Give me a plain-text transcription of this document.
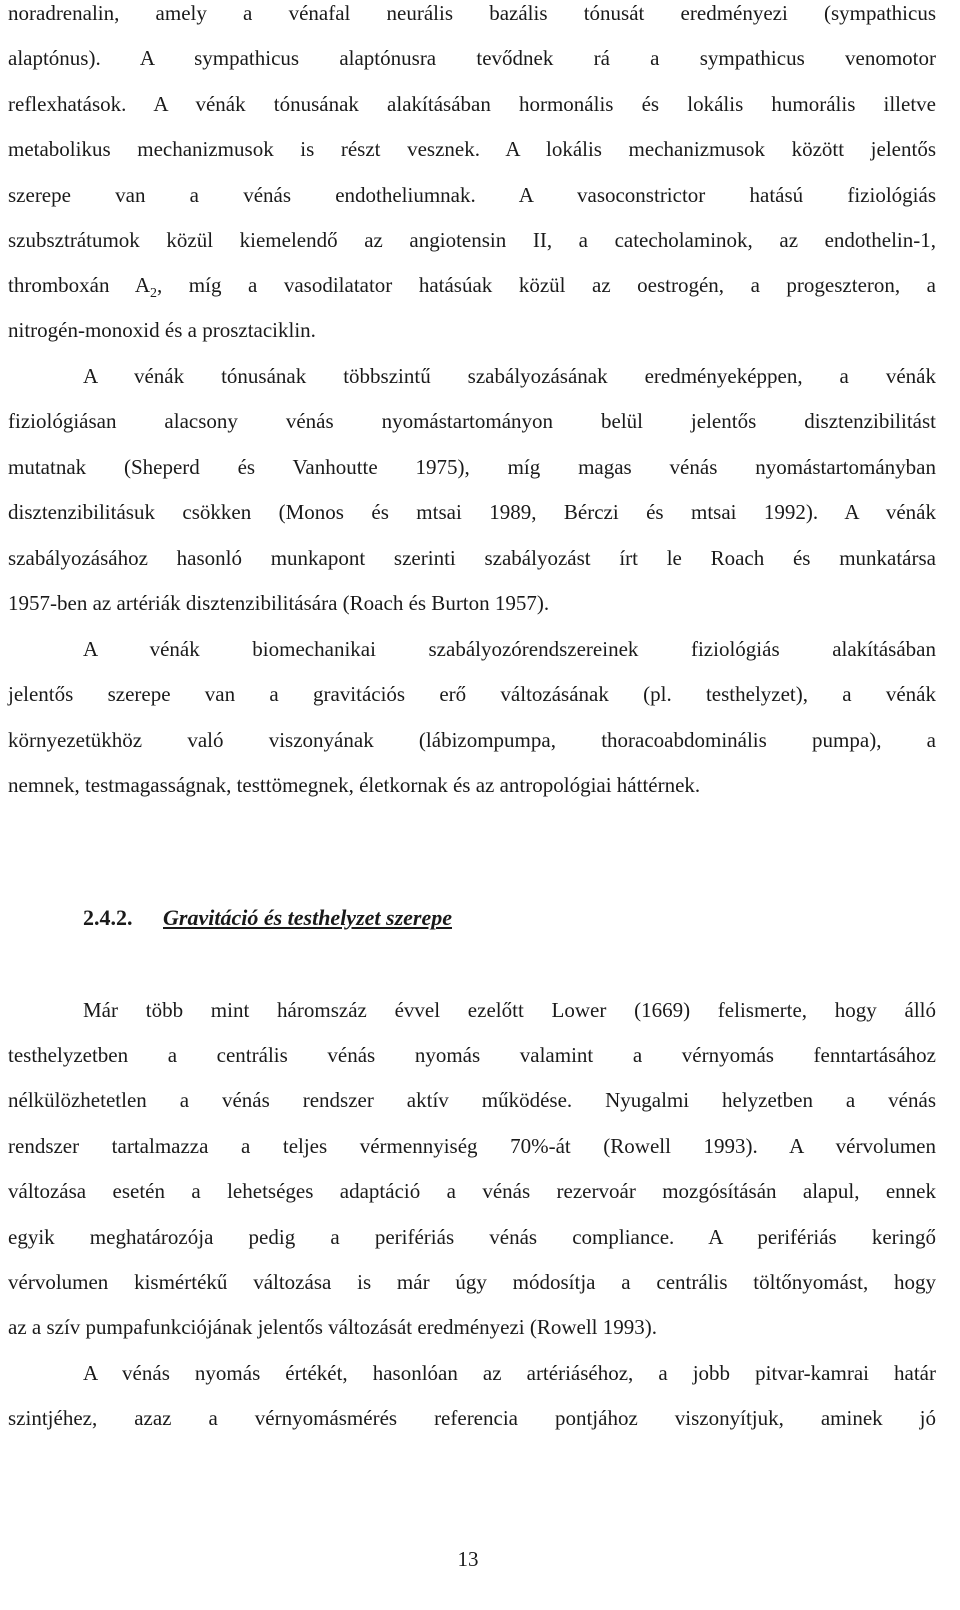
noradrenalin, amely a vénafal neurális bazális tónusát eredményezi (sympathicus
alaptónus). A sympathicus alaptónusra tevődnek rá a sympathicus venomotor
reflexhatások. A vénák tónusának alakításában hormonális és lokális humorális illetve
metabolikus mechanizmusok is részt vesznek. A lokális mechanizmusok között jelentős
szerepe van a vénás endotheliumnak. A vasoconstrictor hatású fiziológiás
szubsztrátumok közül kiemelendő az angiotensin II, a catecholaminok, az endothelin-1,
thromboxán $A_2$, míg a vasodilatator hatásúak közül az oestrogén, a progeszteron, a
nitrogén-monoxid és a prosztaciklin.
A vénák tónusának többszintű szabályozásának eredményeképpen, a vénák
fiziológiásan alacsony vénás nyomástartományon belül jelentős disztenzibilitást
mutatnak (Sheperd és Vanhoutte 1975), míg magas vénás nyomástartományban
disztenzibilitásuk csökken (Monos és mtsai 1989, Bérczi és mtsai 1992). A vénák
szabályozásához hasonló munkapont szerinti szabályozást írt le Roach és munkatársa
1957-ben az artériák disztenzibilitására (Roach és Burton 1957).
A vénák biomechanikai szabályozórendszereinek fiziológiás alakításában
jelentős szerepe van a gravitációs erő változásának (pl. testhelyzet), a vénák
környezetükhöz való viszonyának (lábizompumpa, thoracoabdominális pumpa), a
nemnek, testmagasságnak, testtömegnek, életkornak és az antropológiai háttérnek.
2.4.2. Gravitáció és testhelyzet szerepe
Már több mint háromszáz évvel ezelőtt Lower (1669) felismerte, hogy álló
testhelyzetben a centrális vénás nyomás valamint a vérnyomás fenntartásához
nélkülözhetetlen a vénás rendszer aktív működése. Nyugalmi helyzetben a vénás
rendszer tartalmazza a teljes vérmennyiség 70%-át (Rowell 1993). A vérvolumen
változása esetén a lehetséges adaptáció a vénás rezervoár mozgósításán alapul, ennek
egyik meghatározója pedig a perifériás vénás compliance. A perifériás keringő
vérvolumen kismértékű változása is már úgy módosítja a centrális töltőnyomást, hogy
az a szív pumpafunkciójának jelentős változását eredményezi (Rowell 1993).
A vénás nyomás értékét, hasonlóan az artériáséhoz, a jobb pitvar-kamrai határ
szintjéhez, azaz a vérnyomásmérés referencia pontjához viszonyítjuk, aminek jó
13
